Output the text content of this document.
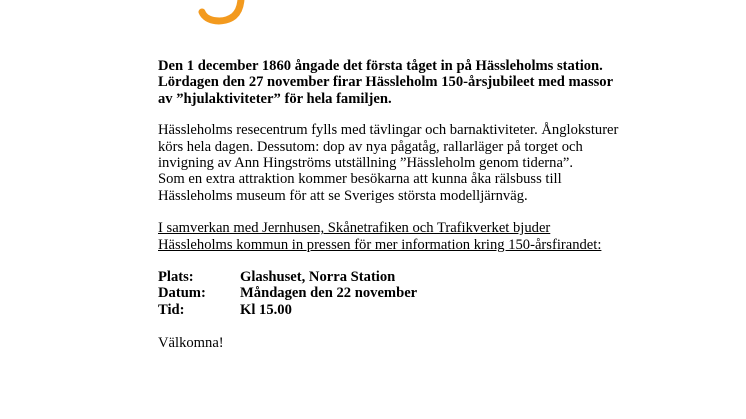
Den 1 december 1860 ångade det första tåget in på Hässleholms station.
Lördagen den 27 november firar Hässleholm 150-årsjubileet med massor
av ”hjulaktiviteter” för hela familjen.

Hässleholms resecentrum fylls med tävlingar och barnaktiviteter. Ångloksturer
körs hela dagen. Dessutom: dop av nya pågatåg, rallarläger på torget och
invigning av Ann Hingströms utställning ”Hässleholm genom tiderna”.
Som en extra attraktion kommer besökarna att kunna åka rälsbuss till
Hässleholms museum för att se Sveriges största modelljärnväg.

I samverkan med Jernhusen, Skånetrafiken och Trafikverket bjuder
Hässleholms kommun in pressen för mer information kring 150-årsfirandet:

Plats:	Glashuset, Norra Station
Datum:	Måndagen den 22 november
Tid:	Kl 15.00

Välkomna!
